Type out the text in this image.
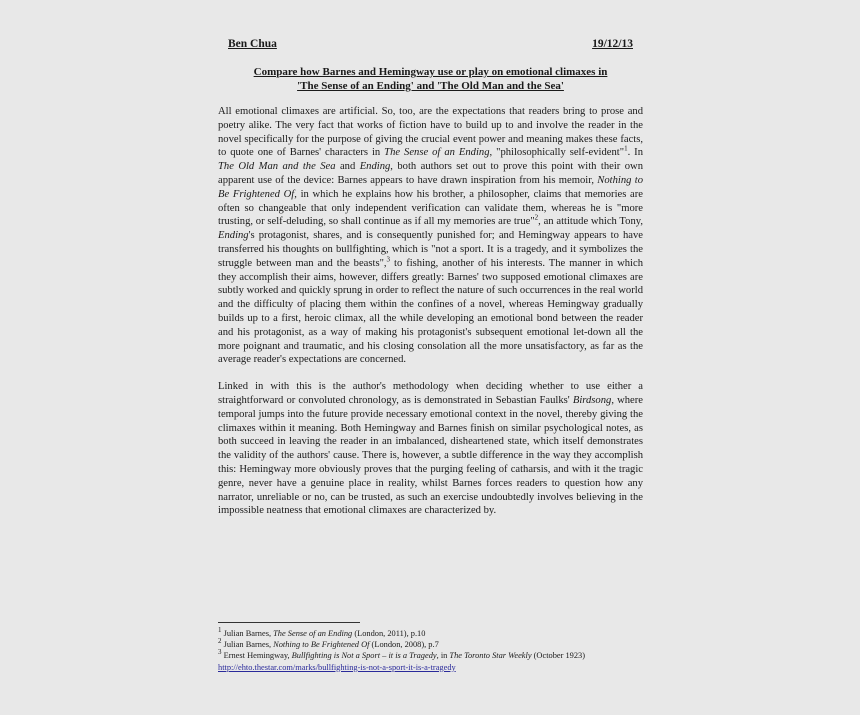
Ben Chua	19/12/13
Compare how Barnes and Hemingway use or play on emotional climaxes in
'The Sense of an Ending' and 'The Old Man and the Sea'

All emotional climaxes are artificial. So, too, are the expectations that readers bring to prose and poetry alike. The very fact that works of fiction have to build up to and involve the reader in the novel specifically for the purpose of giving the crucial event power and meaning makes these facts, to quote one of Barnes' characters in The Sense of an Ending, "philosophically self-evident"$^1$. In The Old Man and the Sea and Ending, both authors set out to prove this point with their own apparent use of the device: Barnes appears to have drawn inspiration from his memoir, Nothing to Be Frightened Of, in which he explains how his brother, a philosopher, claims that memories are often so changeable that only independent verification can validate them, whereas he is "more trusting, or self-deluding, so shall continue as if all my memories are true"$^2$, an attitude which Tony, Ending's protagonist, shares, and is consequently punished for; and Hemingway appears to have transferred his thoughts on bullfighting, which is "not a sport. It is a tragedy, and it symbolizes the struggle between man and the beasts",$^3$ to fishing, another of his interests. The manner in which they accomplish their aims, however, differs greatly: Barnes' two supposed emotional climaxes are subtly worked and quickly sprung in order to reflect the nature of such occurrences in the real world and the difficulty of placing them within the confines of a novel, whereas Hemingway gradually builds up to a first, heroic climax, all the while developing an emotional bond between the reader and his protagonist, as a way of making his protagonist's subsequent emotional let-down all the more poignant and traumatic, and his closing consolation all the more unsatisfactory, as far as the average reader's expectations are concerned.

Linked in with this is the author's methodology when deciding whether to use either a straightforward or convoluted chronology, as is demonstrated in Sebastian Faulks' Birdsong, where temporal jumps into the future provide necessary emotional context in the novel, thereby giving the climaxes within it meaning. Both Hemingway and Barnes finish on similar psychological notes, as both succeed in leaving the reader in an imbalanced, disheartened state, which itself demonstrates the validity of the authors' cause. There is, however, a subtle difference in the way they accomplish this: Hemingway more obviously proves that the purging feeling of catharsis, and with it the tragic genre, never have a genuine place in reality, whilst Barnes forces readers to question how any narrator, unreliable or no, can be trusted, as such an exercise undoubtedly involves believing in the impossible neatness that emotional climaxes are characterized by.

$^1$ Julian Barnes, The Sense of an Ending (London, 2011), p.10
$^2$ Julian Barnes, Nothing to Be Frightened Of (London, 2008), p.7
$^3$ Ernest Hemingway, Bullfighting is Not a Sport – it is a Tragedy, in The Toronto Star Weekly (October 1923) http://ehto.thestar.com/marks/bullfighting-is-not-a-sport-it-is-a-tragedy
